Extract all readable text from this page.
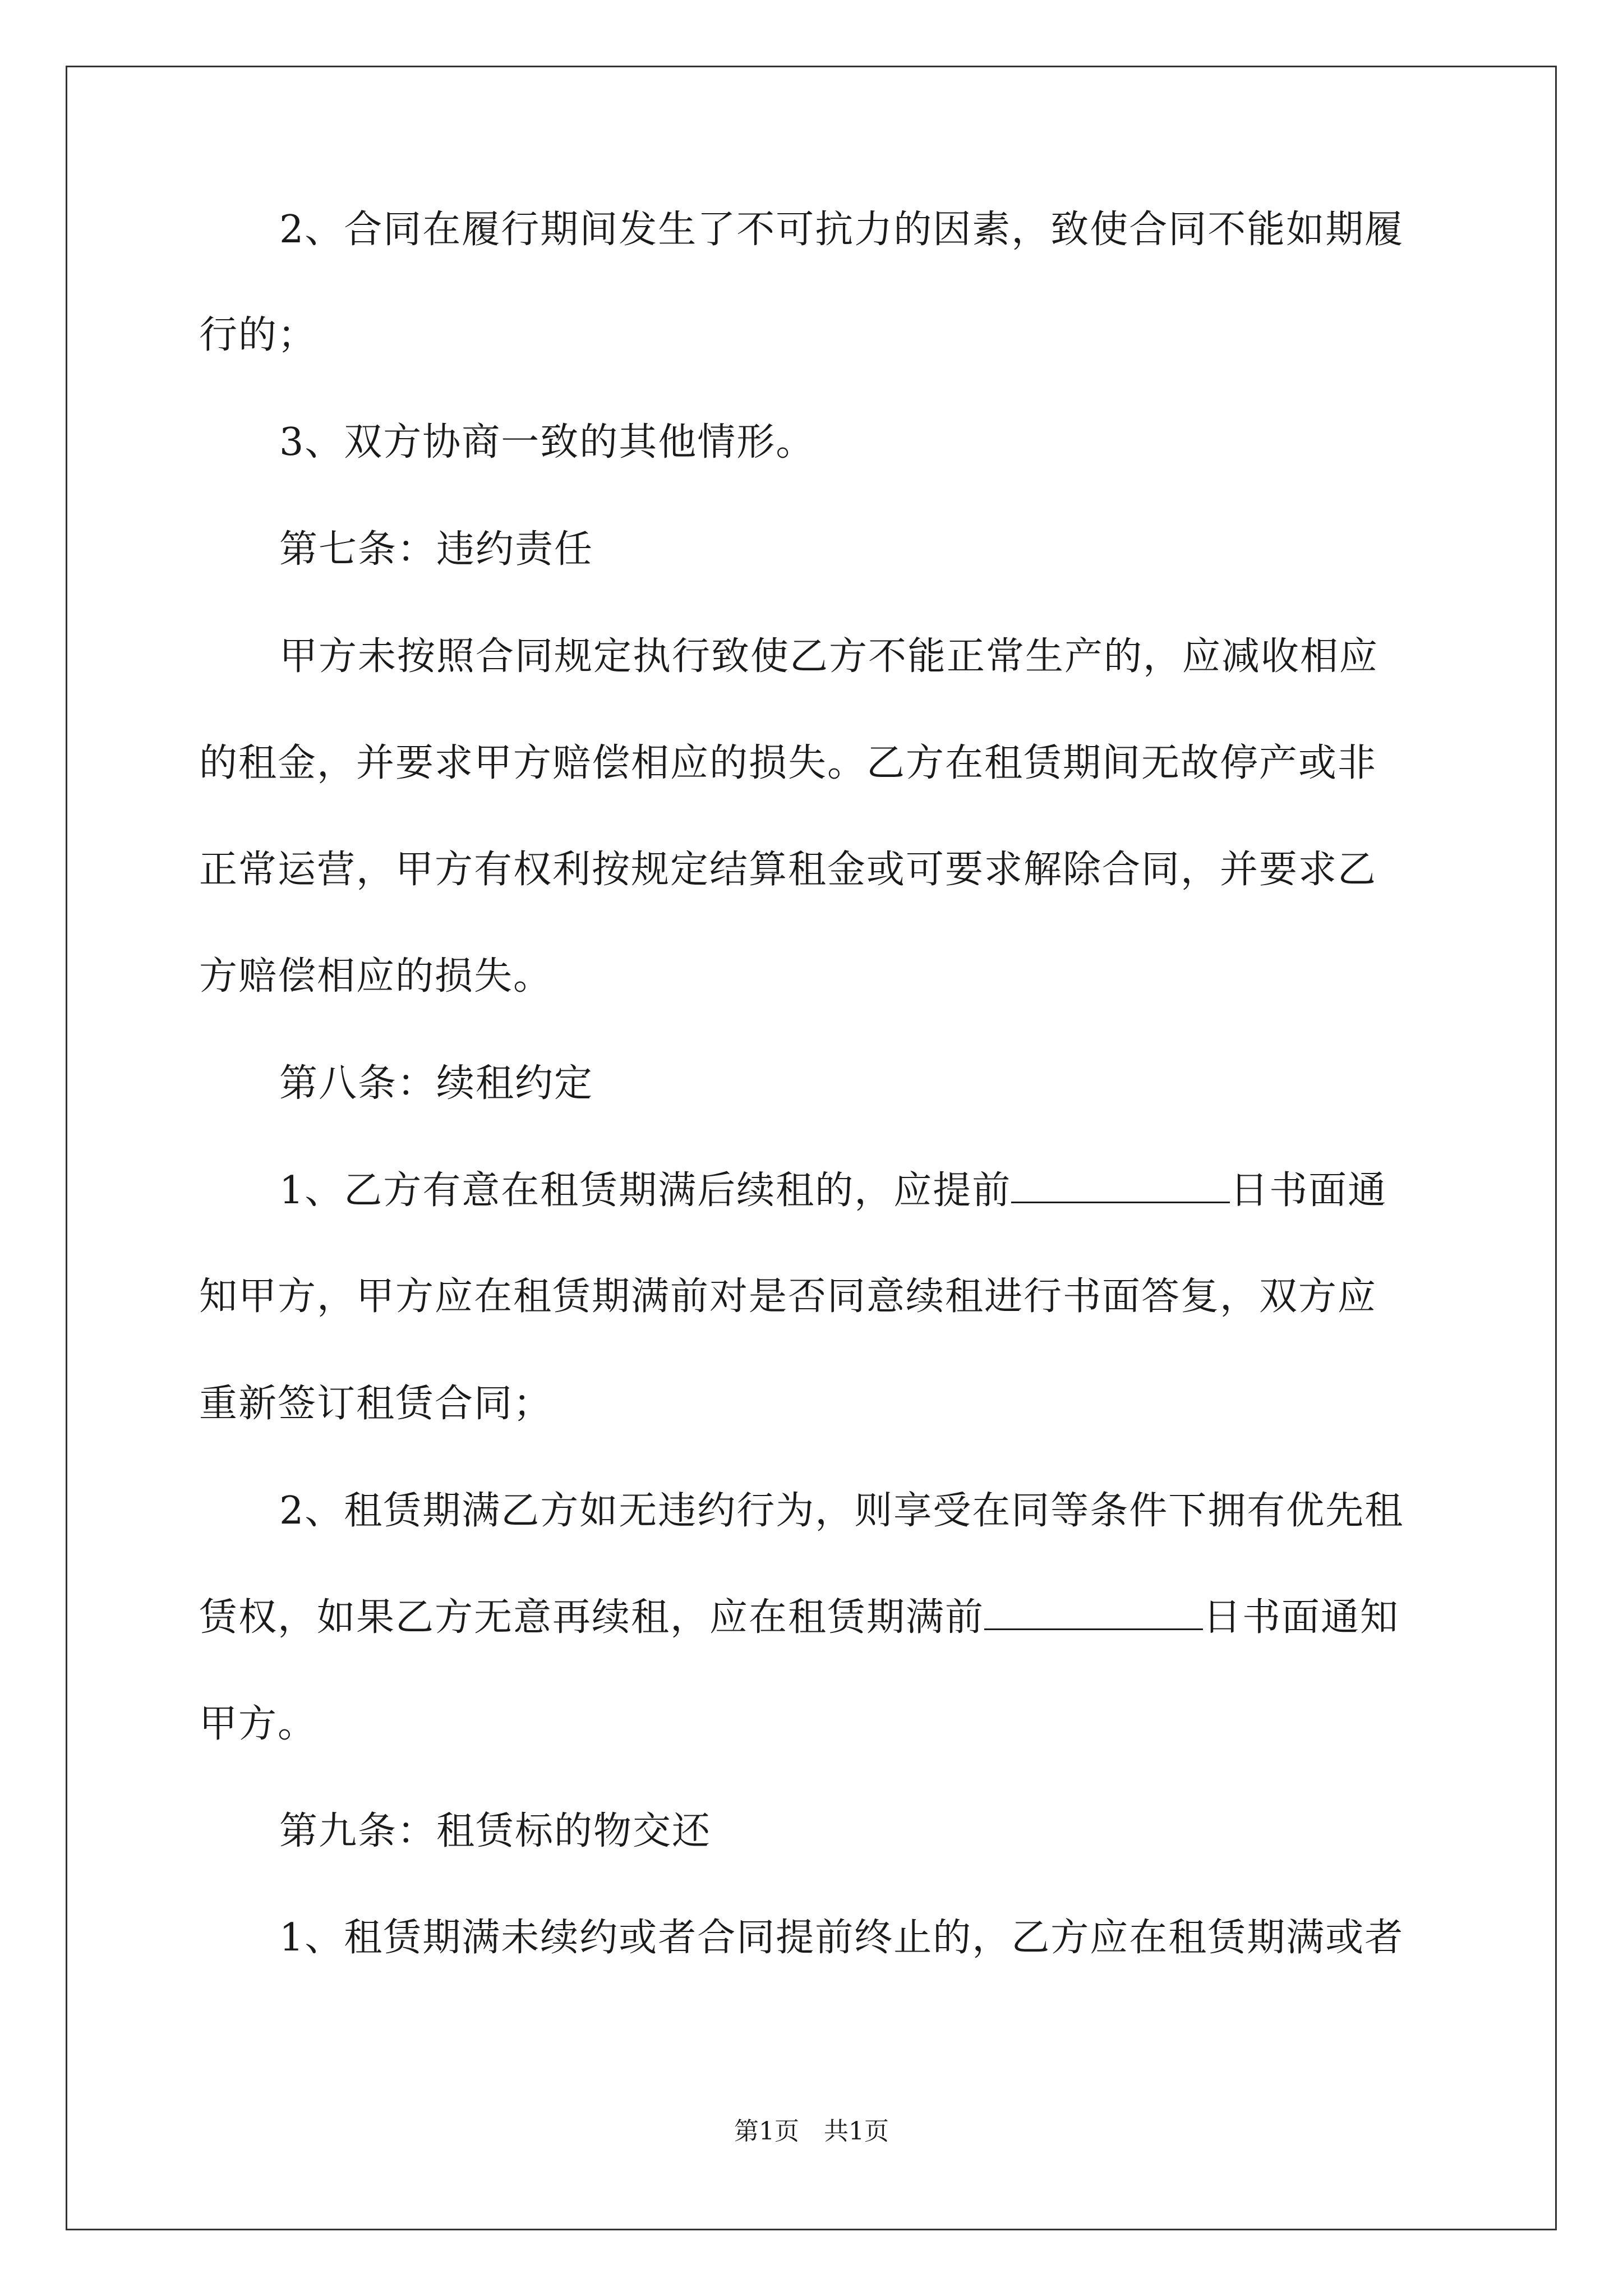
2、合同在履行期间发生了不可抗力的因素，致使合同不能如期履
行的；
3、双方协商一致的其他情形。
第七条：违约责任
甲方未按照合同规定执行致使乙方不能正常生产的，应减收相应
的租金，并要求甲方赔偿相应的损失。乙方在租赁期间无故停产或非
正常运营，甲方有权利按规定结算租金或可要求解除合同，并要求乙
方赔偿相应的损失。
第八条：续租约定
1、乙方有意在租赁期满后续租的，应提前	日书面通
知甲方，甲方应在租赁期满前对是否同意续租进行书面答复，双方应
重新签订租赁合同；
2、租赁期满乙方如无违约行为，则享受在同等条件下拥有优先租
赁权，如果乙方无意再续租，应在租赁期满前	日书面通知
甲方。
第九条：租赁标的物交还
1、租赁期满未续约或者合同提前终止的，乙方应在租赁期满或者
第1页　共1页
